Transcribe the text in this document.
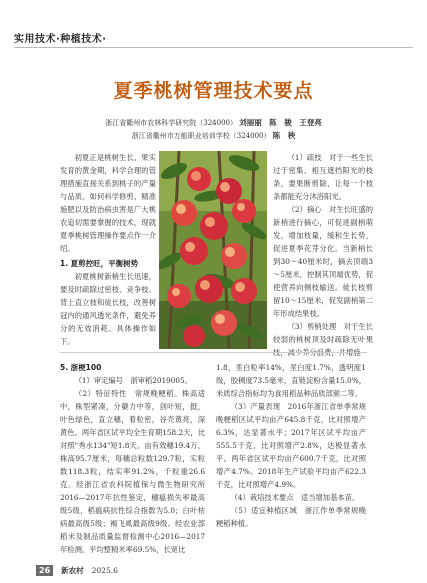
实用技术·种植技术·
夏季桃树管理技术要点
浙江省衢州市农林科学研究院（324000） 刘丽丽　陈　骏　王登亮
浙江省衢州市万能职业培训学校（324000） 陈　秧

初夏正是桃树生长、果实发育的黄金期，科学合理的管理措施直接关系到桃子的产量与品质。如何科学修剪、精准施肥以及防治病虫害是广大桃农追切需要掌握的技术，现就夏季桃树管理操作要点作一介绍。

1. 夏剪控旺，平衡树势

初夏桃树新梢生长迅速，要及时疏除过密枝、竞争枝、背上直立枝和徒长枝，改善树冠内的通风透光条件，避免养分的无效消耗。具体操作如下。

（1）疏枝　对于一些生长过于密集、相互遮挡阳光的枝条，要果断剪除，让每一个枝条都能充分沐浴阳光。

（2）摘心　对生长旺盛的新梢进行摘心，可促进副梢萌发，增加枝量，缓和生长势，促进夏季花芽分化。当新梢长到30～40厘米时，摘去顶端3～5厘米，控制其顶端优势，促使营养向侧枝输送。徒长枝剪留10～15厘米，促发副梢第二年形成结果枝。

（3）剪梢处理　对于生长较弱的桃树顶及时疏除无叶果枝，减少养分浪费，并增施

5. 浙梗100

（1）审定编号　浙审稻2019005。

（2）特征特性　常规晚粳稻。株高适中，株型紧凑，分蘖力中等，剑叶短，挺，叶色绿色，直立穗，着粒密，谷壳黄亮，深黄色。两年省区试平均全生育期158.2天，比对照"秀水134"短1.8天。亩有效穗19.4万，株高95.7厘米，每穗总粒数129.7粒，实粒数118.3粒，结实率91.2%，千粒重26.6克。经浙江省农科院植保与微生物研究所2016—2017年抗性鉴定，穗瘟损失率最高级5级，稻瘟病抗性综合指数为5.0；白叶枯病最高级5级；褐飞虱最高级9级。经农业部稻米及制品质量监督检测中心2016—2017年检测，平均整精米率69.5%，长宽比

1.8，垩白粒率14%，垩白度1.7%，透明度1级，胶稠度73.5毫米，直链淀粉含量15.0%，米质综合指标均为食用稻品种品质部颁二等。

（3）产量表现　2016年浙江省单季常规晚粳稻区试平均亩产645.8千克，比对照增产6.3%，达显著水平；2017年区试平均亩产555.5千克，比对照增产2.8%，达极显著水平。两年省区试平均亩产600.7千克，比对照增产4.7%。2018年生产试验平均亩产622.3千克，比对照增产4.9%。

（4）栽培技术要点　适当增加基本苗。

（5）适宜种植区域　浙江作单季常规晚粳稻种植。

26	新农村 2025.6
